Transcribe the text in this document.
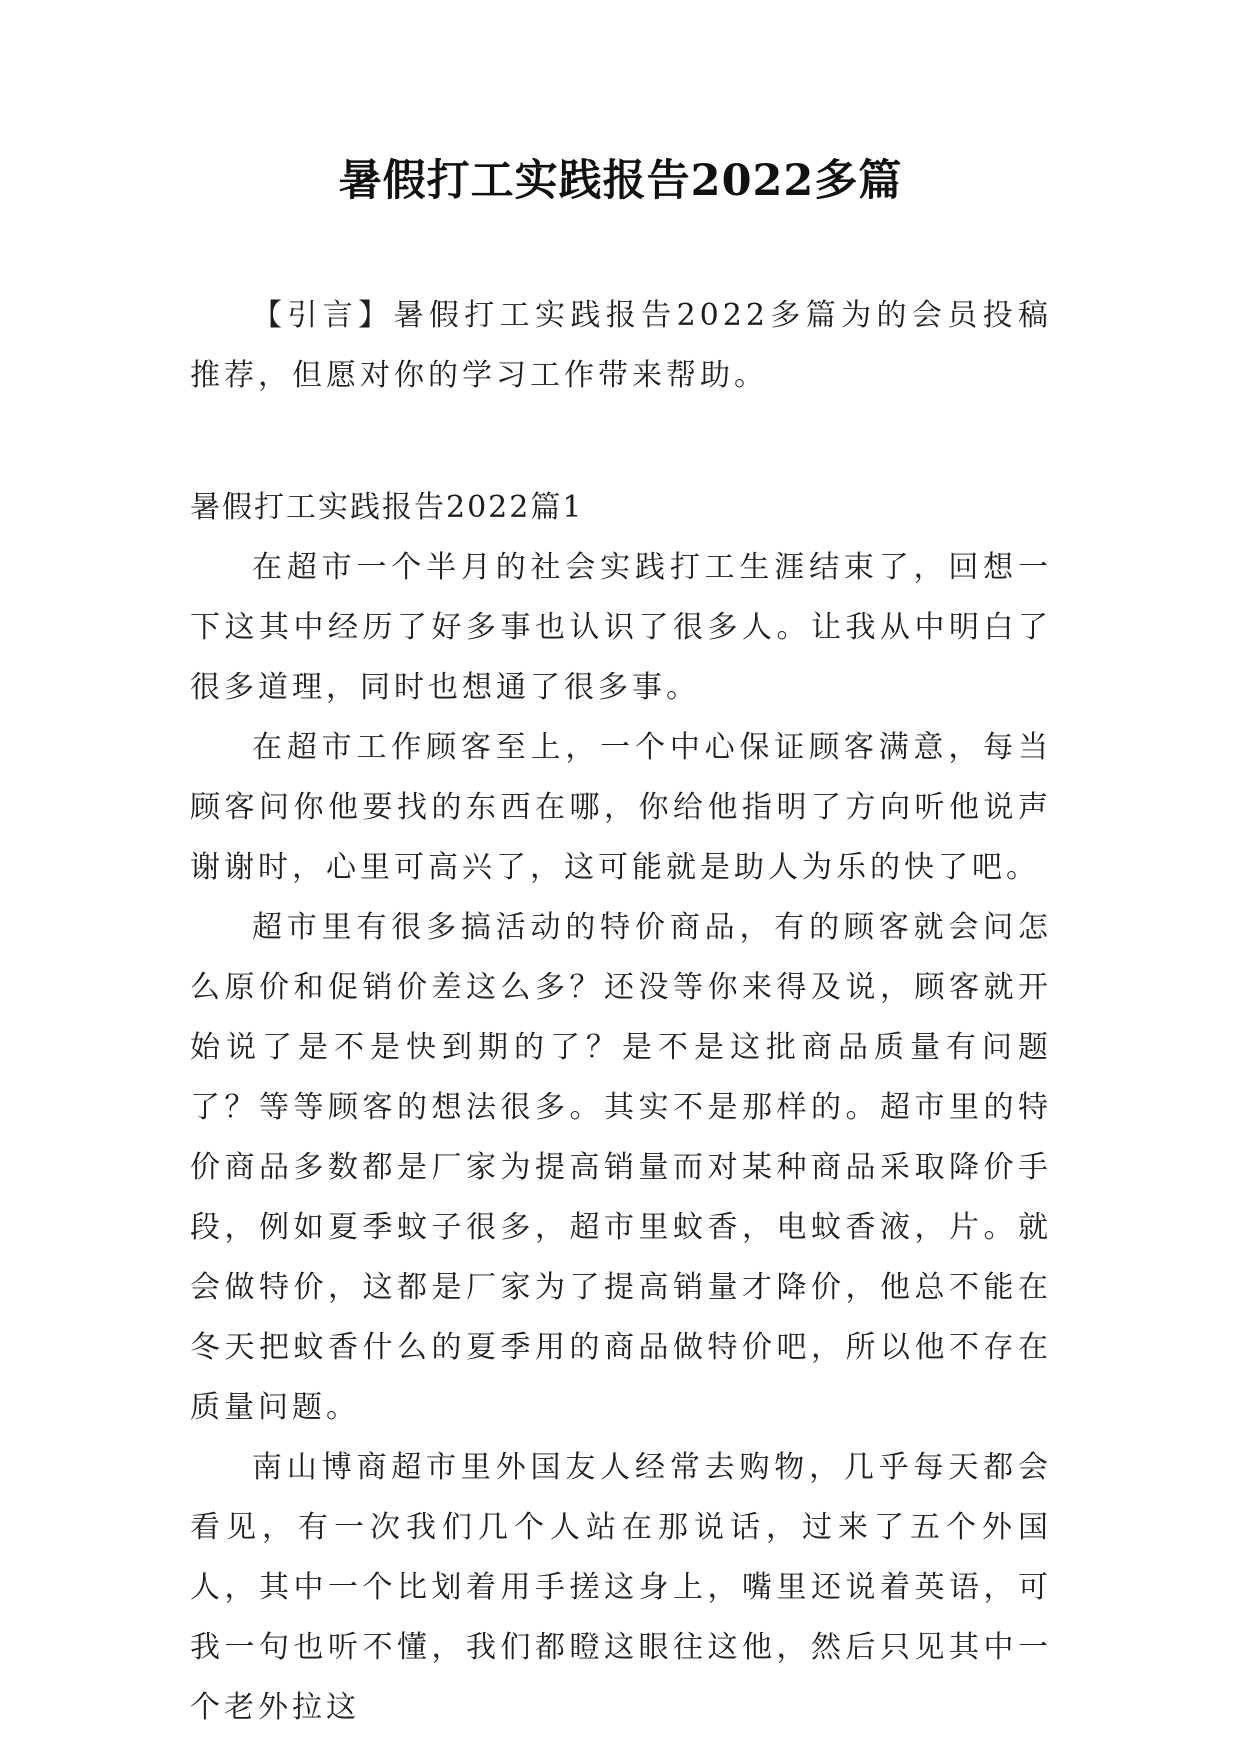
暑假打工实践报告2022多篇

【引言】暑假打工实践报告2022多篇为的会员投稿推荐，但愿对你的学习工作带来帮助。

暑假打工实践报告2022篇1

在超市一个半月的社会实践打工生涯结束了，回想一下这其中经历了好多事也认识了很多人。让我从中明白了很多道理，同时也想通了很多事。

在超市工作顾客至上，一个中心保证顾客满意，每当顾客问你他要找的东西在哪，你给他指明了方向听他说声谢谢时，心里可高兴了，这可能就是助人为乐的快了吧。

超市里有很多搞活动的特价商品，有的顾客就会问怎么原价和促销价差这么多？还没等你来得及说，顾客就开始说了是不是快到期的了？是不是这批商品质量有问题了？等等顾客的想法很多。其实不是那样的。超市里的特价商品多数都是厂家为提高销量而对某种商品采取降价手段，例如夏季蚊子很多，超市里蚊香，电蚊香液，片。就会做特价，这都是厂家为了提高销量才降价，他总不能在冬天把蚊香什么的夏季用的商品做特价吧，所以他不存在质量问题。

南山博商超市里外国友人经常去购物，几乎每天都会看见，有一次我们几个人站在那说话，过来了五个外国人，其中一个比划着用手搓这身上，嘴里还说着英语，可我一句也听不懂，我们都瞪这眼往这他，然后只见其中一个老外拉这
